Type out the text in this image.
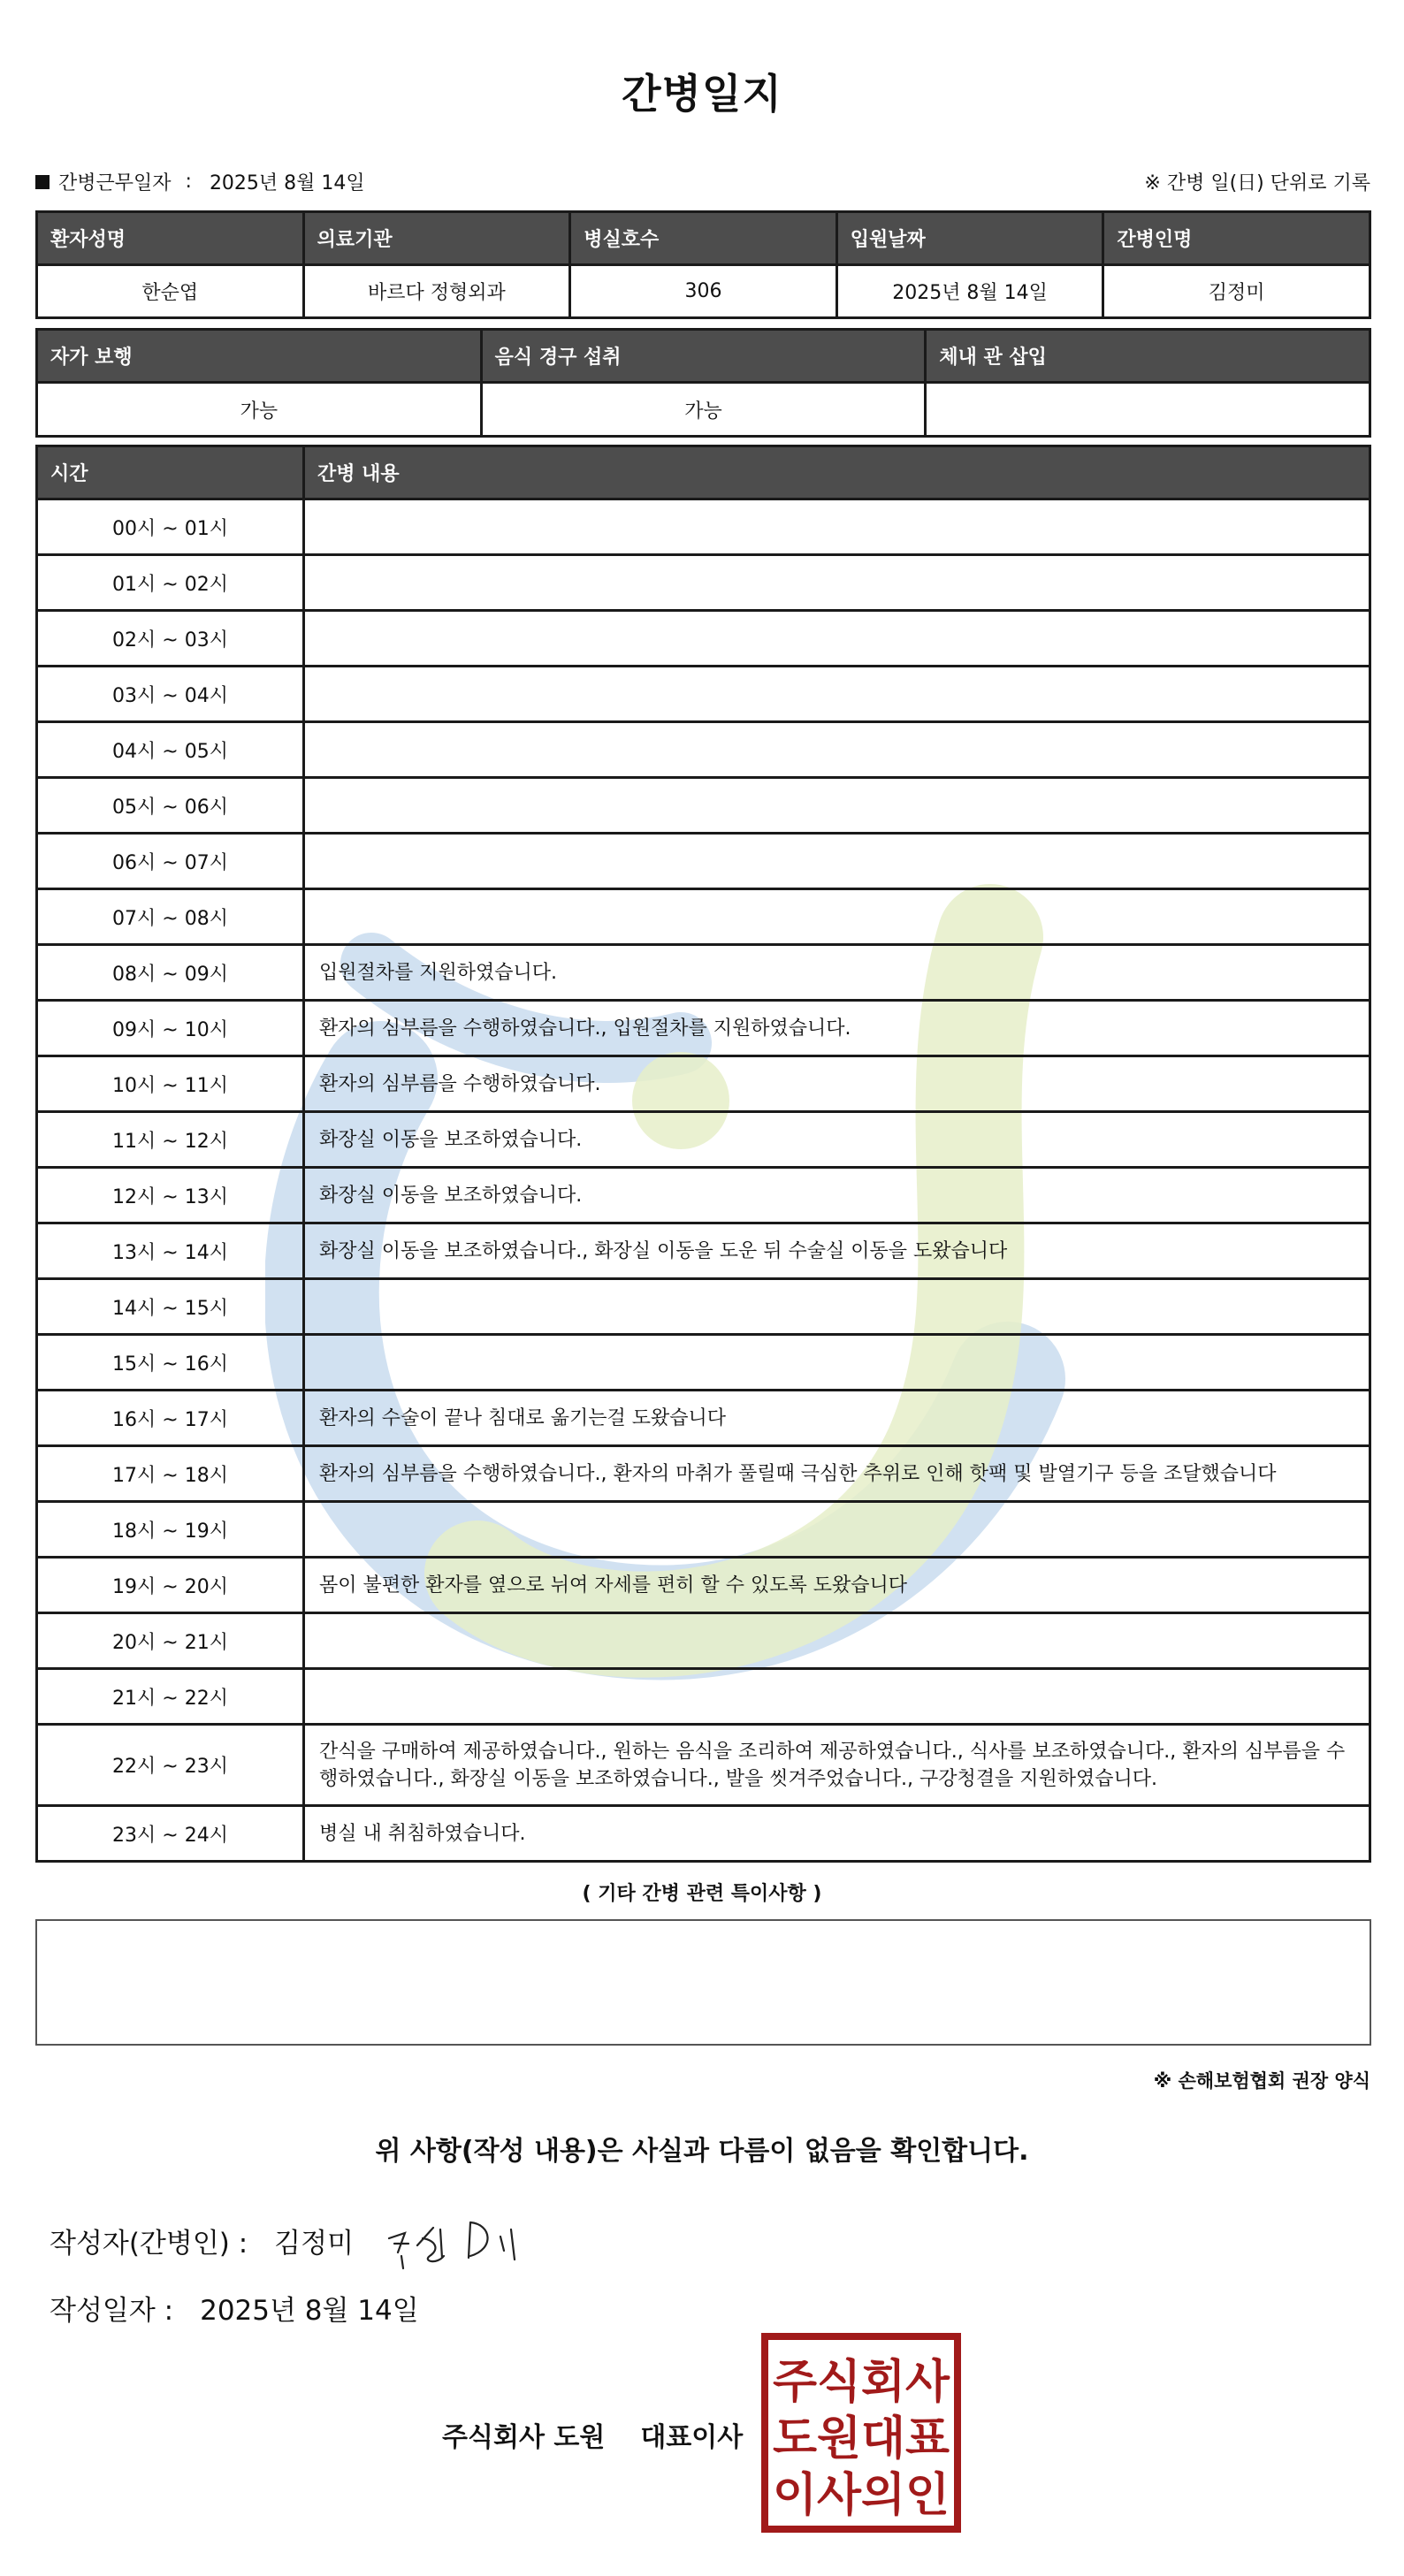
간병일지
간병근무일자 : 2025년 8월 14일	※ 간병 일(日) 단위로 기록
환자성명	의료기관	병실호수	입원날짜	간병인명
한순엽	바르다 정형외과	306	2025년 8월 14일	김정미
자가 보행	음식 경구 섭취	체내 관 삽입
가능	가능	
시간	간병 내용
00시 ~ 01시	
01시 ~ 02시	
02시 ~ 03시	
03시 ~ 04시	
04시 ~ 05시	
05시 ~ 06시	
06시 ~ 07시	
07시 ~ 08시	
08시 ~ 09시	입원절차를 지원하였습니다.
09시 ~ 10시	환자의 심부름을 수행하였습니다., 입원절차를 지원하였습니다.
10시 ~ 11시	환자의 심부름을 수행하였습니다.
11시 ~ 12시	화장실 이동을 보조하였습니다.
12시 ~ 13시	화장실 이동을 보조하였습니다.
13시 ~ 14시	화장실 이동을 보조하였습니다., 화장실 이동을 도운 뒤 수술실 이동을 도왔습니다
14시 ~ 15시	
15시 ~ 16시	
16시 ~ 17시	환자의 수술이 끝나 침대로 옮기는걸 도왔습니다
17시 ~ 18시	환자의 심부름을 수행하였습니다., 환자의 마취가 풀릴때 극심한 추위로 인해 핫팩 및 발열기구 등을 조달했습니다
18시 ~ 19시	
19시 ~ 20시	몸이 불편한 환자를 옆으로 뉘여 자세를 편히 할 수 있도록 도왔습니다
20시 ~ 21시	
21시 ~ 22시	
22시 ~ 23시	간식을 구매하여 제공하였습니다., 원하는 음식을 조리하여 제공하였습니다., 식사를 보조하였습니다., 환자의 심부름을 수행하였습니다., 화장실 이동을 보조하였습니다., 발을 씻겨주었습니다., 구강청결을 지원하였습니다.
23시 ~ 24시	병실 내 취침하였습니다.
( 기타 간병 관련 특이사항 )
※ 손해보험협회 권장 양식
위 사항(작성 내용)은 사실과 다름이 없음을 확인합니다.
작성자(간병인) : 김정미
작성일자 : 2025년 8월 14일
주식회사 도원 대표이사
주식회사
도원대표
이사의인
